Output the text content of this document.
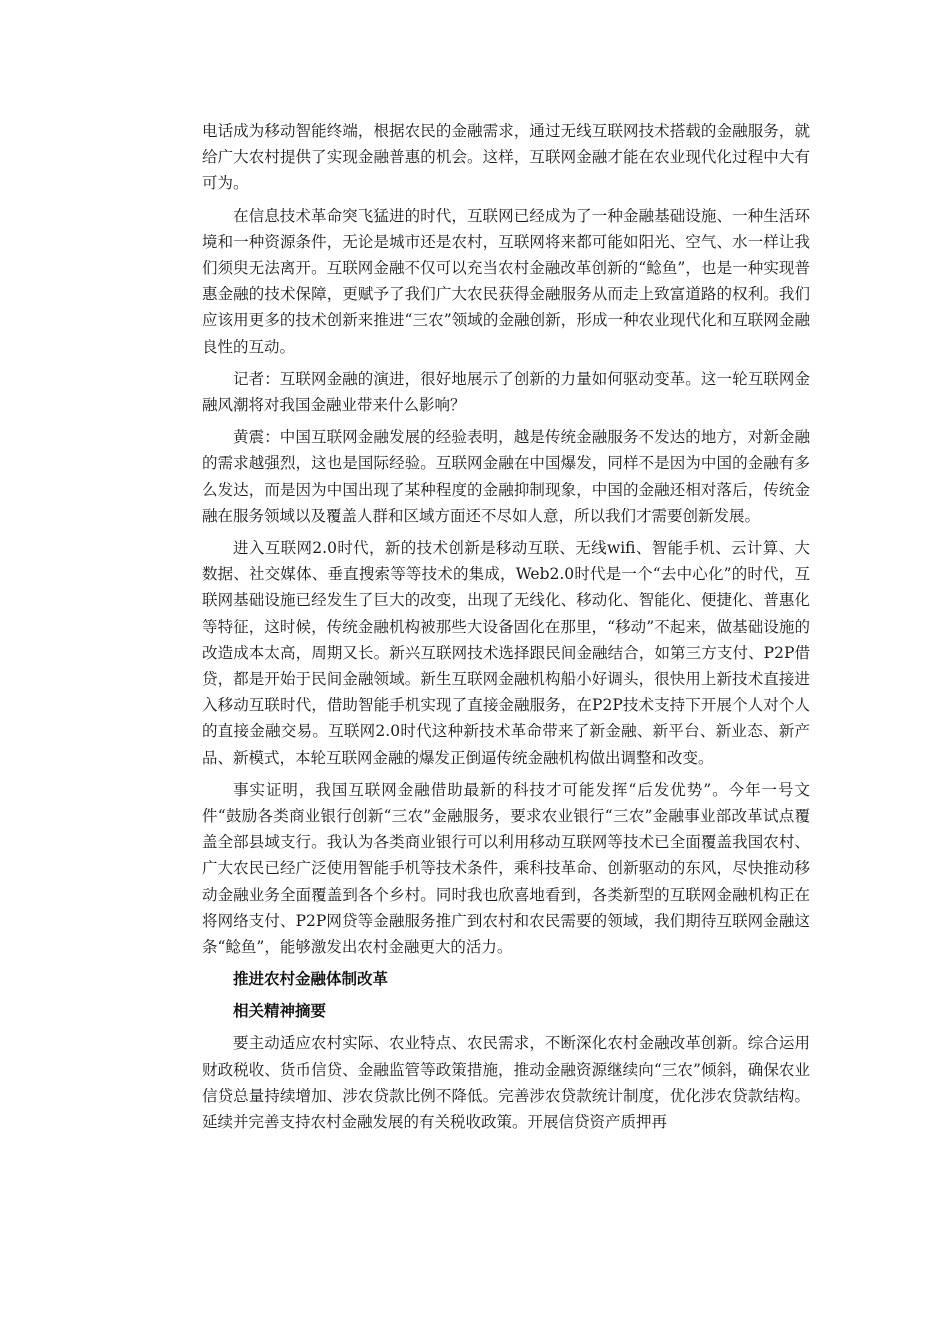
电话成为移动智能终端，根据农民的金融需求，通过无线互联网技术搭载的金融服务，就给广大农村提供了实现金融普惠的机会。这样，互联网金融才能在农业现代化过程中大有可为。

在信息技术革命突飞猛进的时代，互联网已经成为了一种金融基础设施、一种生活环境和一种资源条件，无论是城市还是农村，互联网将来都可能如阳光、空气、水一样让我们须臾无法离开。互联网金融不仅可以充当农村金融改革创新的“鲶鱼”，也是一种实现普惠金融的技术保障，更赋予了我们广大农民获得金融服务从而走上致富道路的权利。我们应该用更多的技术创新来推进“三农”领域的金融创新，形成一种农业现代化和互联网金融良性的互动。

记者：互联网金融的演进，很好地展示了创新的力量如何驱动变革。这一轮互联网金融风潮将对我国金融业带来什么影响？

黄震：中国互联网金融发展的经验表明，越是传统金融服务不发达的地方，对新金融的需求越强烈，这也是国际经验。互联网金融在中国爆发，同样不是因为中国的金融有多么发达，而是因为中国出现了某种程度的金融抑制现象，中国的金融还相对落后，传统金融在服务领域以及覆盖人群和区域方面还不尽如人意，所以我们才需要创新发展。

进入互联网2.0时代，新的技术创新是移动互联、无线wifi、智能手机、云计算、大数据、社交媒体、垂直搜索等等技术的集成，Web2.0时代是一个“去中心化”的时代，互联网基础设施已经发生了巨大的改变，出现了无线化、移动化、智能化、便捷化、普惠化等特征，这时候，传统金融机构被那些大设备固化在那里，“移动”不起来，做基础设施的改造成本太高，周期又长。新兴互联网技术选择跟民间金融结合，如第三方支付、P2P借贷，都是开始于民间金融领域。新生互联网金融机构船小好调头，很快用上新技术直接进入移动互联时代，借助智能手机实现了直接金融服务，在P2P技术支持下开展个人对个人的直接金融交易。互联网2.0时代这种新技术革命带来了新金融、新平台、新业态、新产品、新模式，本轮互联网金融的爆发正倒逼传统金融机构做出调整和改变。

事实证明，我国互联网金融借助最新的科技才可能发挥“后发优势”。今年一号文件“鼓励各类商业银行创新“三农”金融服务，要求农业银行“三农”金融事业部改革试点覆盖全部县域支行。我认为各类商业银行可以利用移动互联网等技术已全面覆盖我国农村、广大农民已经广泛使用智能手机等技术条件，乘科技革命、创新驱动的东风，尽快推动移动金融业务全面覆盖到各个乡村。同时我也欣喜地看到，各类新型的互联网金融机构正在将网络支付、P2P网贷等金融服务推广到农村和农民需要的领域，我们期待互联网金融这条“鲶鱼”，能够激发出农村金融更大的活力。

推进农村金融体制改革
相关精神摘要

要主动适应农村实际、农业特点、农民需求，不断深化农村金融改革创新。综合运用财政税收、货币信贷、金融监管等政策措施，推动金融资源继续向“三农”倾斜，确保农业信贷总量持续增加、涉农贷款比例不降低。完善涉农贷款统计制度，优化涉农贷款结构。延续并完善支持农村金融发展的有关税收政策。开展信贷资产质押再
